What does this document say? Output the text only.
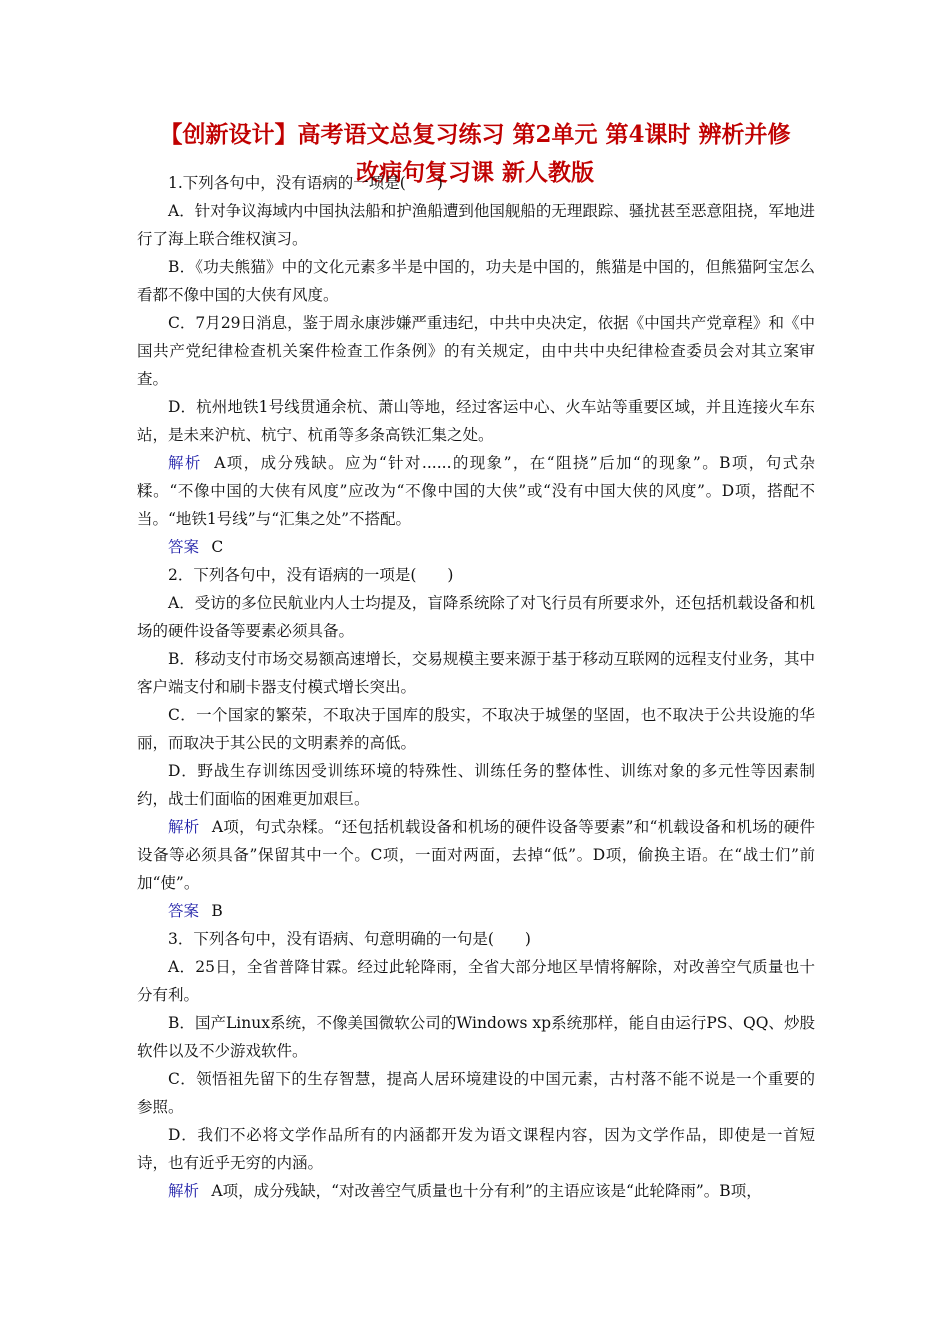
【创新设计】高考语文总复习练习 第2单元 第4课时 辨析并修
改病句复习课 新人教版

1.下列各句中，没有语病的一项是(　　)

A．针对争议海域内中国执法船和护渔船遭到他国舰船的无理跟踪、骚扰甚至恶意阻挠，军地进行了海上联合维权演习。

B．《功夫熊猫》中的文化元素多半是中国的，功夫是中国的，熊猫是中国的，但熊猫阿宝怎么看都不像中国的大侠有风度。

C．7月29日消息，鉴于周永康涉嫌严重违纪，中共中央决定，依据《中国共产党章程》和《中国共产党纪律检查机关案件检查工作条例》的有关规定，由中共中央纪律检查委员会对其立案审查。

D．杭州地铁1号线贯通余杭、萧山等地，经过客运中心、火车站等重要区域，并且连接火车东站，是未来沪杭、杭宁、杭甬等多条高铁汇集之处。

解析 A项，成分残缺。应为“针对......的现象”，在“阻挠”后加“的现象”。B项，句式杂糅。“不像中国的大侠有风度”应改为“不像中国的大侠”或“没有中国大侠的风度”。D项，搭配不当。“地铁1号线”与“汇集之处”不搭配。

答案 C

2．下列各句中，没有语病的一项是(　　)

A．受访的多位民航业内人士均提及，盲降系统除了对飞行员有所要求外，还包括机载设备和机场的硬件设备等要素必须具备。

B．移动支付市场交易额高速增长，交易规模主要来源于基于移动互联网的远程支付业务，其中客户端支付和刷卡器支付模式增长突出。

C．一个国家的繁荣，不取决于国库的殷实，不取决于城堡的坚固，也不取决于公共设施的华丽，而取决于其公民的文明素养的高低。

D．野战生存训练因受训练环境的特殊性、训练任务的整体性、训练对象的多元性等因素制约，战士们面临的困难更加艰巨。

解析 A项，句式杂糅。“还包括机载设备和机场的硬件设备等要素”和“机载设备和机场的硬件设备等必须具备”保留其中一个。C项，一面对两面，去掉“低”。D项，偷换主语。在“战士们”前加“使”。

答案 B

3．下列各句中，没有语病、句意明确的一句是(　　)

A．25日，全省普降甘霖。经过此轮降雨，全省大部分地区旱情将解除，对改善空气质量也十分有利。

B．国产Linux系统，不像美国微软公司的Windows xp系统那样，能自由运行PS、QQ、炒股软件以及不少游戏软件。

C．领悟祖先留下的生存智慧，提高人居环境建设的中国元素，古村落不能不说是一个重要的参照。

D．我们不必将文学作品所有的内涵都开发为语文课程内容，因为文学作品，即使是一首短诗，也有近乎无穷的内涵。

解析 A项，成分残缺，“对改善空气质量也十分有利”的主语应该是“此轮降雨”。B项，
